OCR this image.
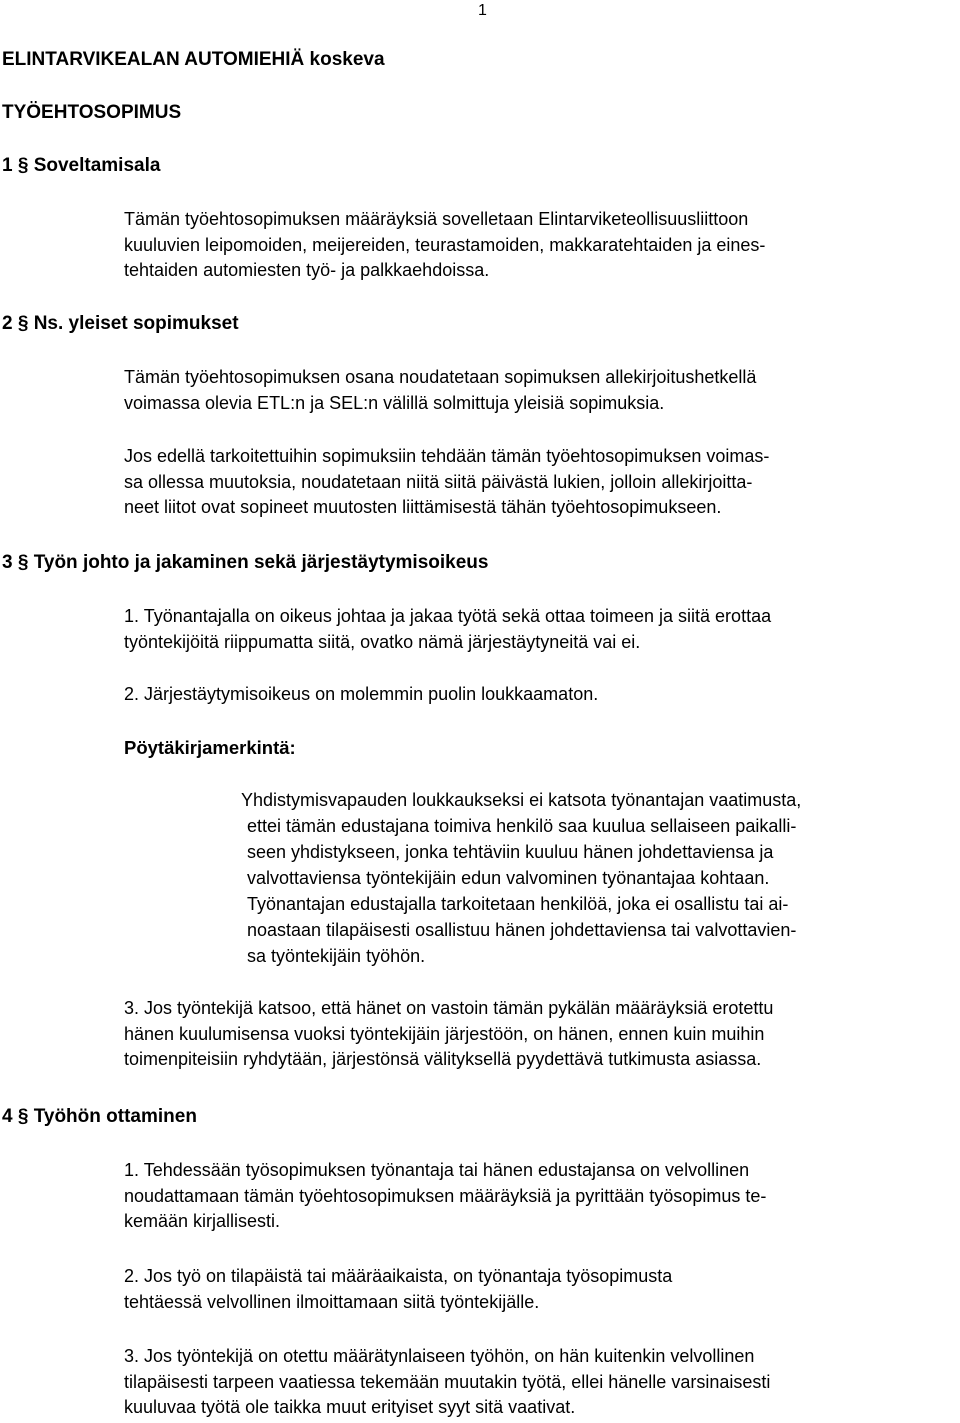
1
ELINTARVIKEALAN AUTOMIEHIÄ koskeva
TYÖEHTOSOPIMUS
1 § Soveltamisala
Tämän työehtosopimuksen määräyksiä sovelletaan Elintarviketeollisuusliittoon
kuuluvien leipomoiden, meijereiden, teurastamoiden, makkaratehtaiden ja eines-
tehtaiden automiesten työ- ja palkkaehdoissa.
2 § Ns. yleiset sopimukset
Tämän työehtosopimuksen osana noudatetaan sopimuksen allekirjoitushetkellä
voimassa olevia ETL:n ja SEL:n välillä solmittuja yleisiä sopimuksia.
Jos edellä tarkoitettuihin sopimuksiin tehdään tämän työehtosopimuksen voimas-
sa ollessa muutoksia, noudatetaan niitä siitä päivästä lukien, jolloin allekirjoitta-
neet liitot ovat sopineet muutosten liittämisestä tähän työehtosopimukseen.
3 § Työn johto ja jakaminen sekä järjestäytymisoikeus
1. Työnantajalla on oikeus johtaa ja jakaa työtä sekä ottaa toimeen ja siitä erottaa
työntekijöitä riippumatta siitä, ovatko nämä järjestäytyneitä vai ei.
2. Järjestäytymisoikeus on molemmin puolin loukkaamaton.
Pöytäkirjamerkintä:
Yhdistymisvapauden loukkaukseksi ei katsota työnantajan vaatimusta,
ettei tämän edustajana toimiva henkilö saa kuulua sellaiseen paikalli-
seen yhdistykseen, jonka tehtäviin kuuluu hänen johdettaviensa ja
valvottaviensa työntekijäin edun valvominen työnantajaa kohtaan.
Työnantajan edustajalla tarkoitetaan henkilöä, joka ei osallistu tai ai-
noastaan tilapäisesti osallistuu hänen johdettaviensa tai valvottavien-
sa työntekijäin työhön.
3. Jos työntekijä katsoo, että hänet on vastoin tämän pykälän määräyksiä erotettu
hänen kuulumisensa vuoksi työntekijäin järjestöön, on hänen, ennen kuin muihin
toimenpiteisiin ryhdytään, järjestönsä välityksellä pyydettävä tutkimusta asiassa.
4 § Työhön ottaminen
1. Tehdessään työsopimuksen työnantaja tai hänen edustajansa on velvollinen
noudattamaan tämän työehtosopimuksen määräyksiä ja pyrittään työsopimus te-
kemään kirjallisesti.
2. Jos työ on tilapäistä tai määräaikaista, on työnantaja työsopimusta
tehtäessä velvollinen ilmoittamaan siitä työntekijälle.
3. Jos työntekijä on otettu määrätynlaiseen työhön, on hän kuitenkin velvollinen
tilapäisesti tarpeen vaatiessa tekemään muutakin työtä, ellei hänelle varsinaisesti
kuuluvaa työtä ole taikka muut erityiset syyt sitä vaativat.
